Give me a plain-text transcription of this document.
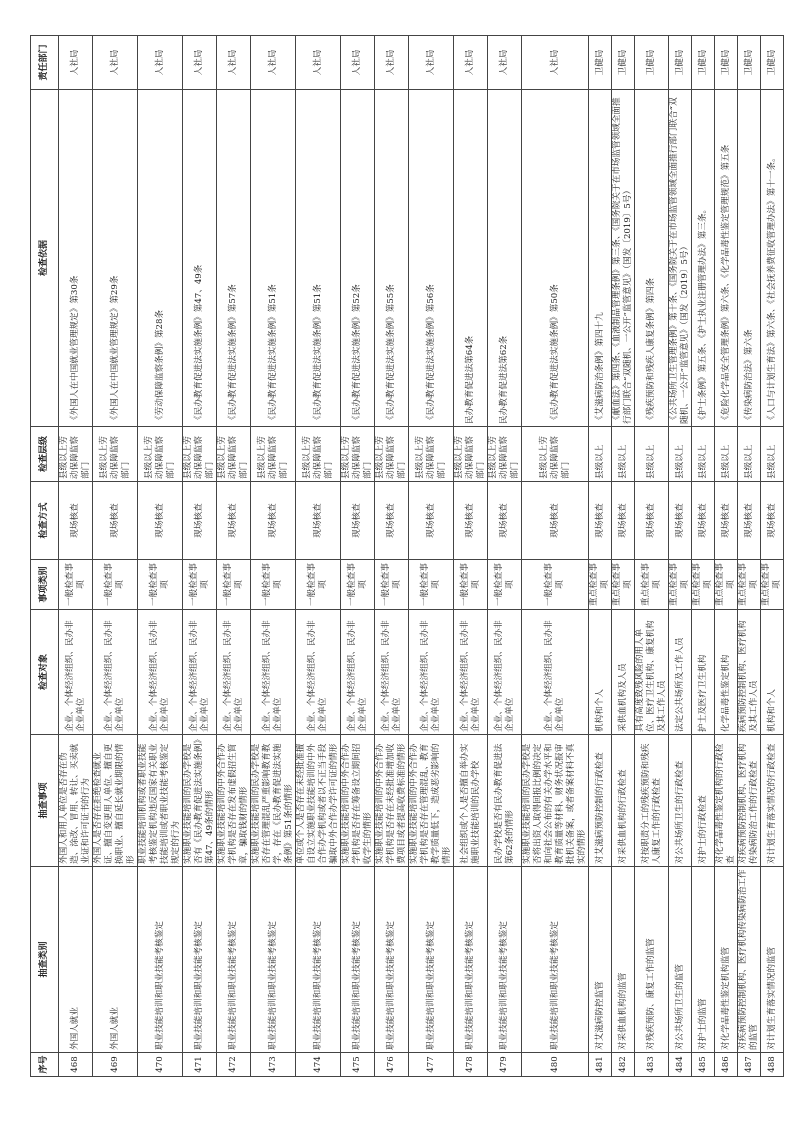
序号	抽查类别	抽查事项	检查对象	事项类别	检查方式	检查层级	检查依据	责任部门
468	外国人就业	外国人和用人单位是否存在伪造、涂改、冒用、转让、买卖就业证和许可证书的行为	企业、个体经济组织、民办非企业单位	一般检查事项	现场核查	县级以上劳动保障监察部门	《外国人在中国就业管理规定》第30条	人社局
469	外国人就业	外国人是否存在拒绝检查就业证、擅自变更用人单位、擅自更换职业、擅自延长就业期限的情形	企业、个体经济组织、民办非企业单位	一般检查事项	现场核查	县级以上劳动保障监察部门	《外国人在中国就业管理规定》第29条	人社局
470	职业技能培训和职业技能考核鉴定	职业技能培训机构或者职业技能考核鉴定机构违反国家有关职业技能培训或者职业技能考核鉴定规定的行为	企业、个体经济组织、民办非企业单位	一般检查事项	现场核查	县级以上劳动保障监察部门	《劳动保障监察条例》第28条	人社局
471	职业技能培训和职业技能考核鉴定	实施职业技能培训的民办学校是否有《民办教育促进法实施条例》第47、49条的情形	企业、个体经济组织、民办非企业单位	一般检查事项	现场核查	县级以上劳动保障监察部门	《民办教育促进法实施条例》第47、49条	人社局
472	职业技能培训和职业技能考核鉴定	实施职业技能培训的中外合作办学机构是否存在发布虚假招生简章，骗取钱财的情形	企业、个体经济组织、民办非企业单位	一般检查事项	现场核查	县级以上劳动保障监察部门	《民办教育促进法实施条例》第57条	人社局
473	职业技能培训和职业技能考核鉴定	实施职业技能培训的民办学校是否存在管理混乱严重影响教育教学，存在《民办教育促进法实施条例》第51条的情形	企业、个体经济组织、民办非企业单位	一般检查事项	现场核查	县级以上劳动保障监察部门	《民办教育促进法实施条例》第51条	人社局
474	职业技能培训和职业技能考核鉴定	单位或个人是否存在未经批准擅自设立实施职业技能培训的中外合作办学机构或者以不正当手段骗取中外合作办学许可证的情形	企业、个体经济组织、民办非企业单位	一般检查事项	现场核查	县级以上劳动保障监察部门	《民办教育促进法实施条例》第51条	人社局
475	职业技能培训和职业技能考核鉴定	实施职业技能培训的中外合作办学机构是否存在筹备设立期间招收学生的情形	企业、个体经济组织、民办非企业单位	一般检查事项	现场核查	县级以上劳动保障监察部门	《民办教育促进法实施条例》第52条	人社局
476	职业技能培训和职业技能考核鉴定	实施职业技能培训的中外合作办学机构是否存在未经批准增加收费项目或者提高收费标准的情形	企业、个体经济组织、民办非企业单位	一般检查事项	现场核查	县级以上劳动保障监察部门	《民办教育促进法实施条例》第55条	人社局
477	职业技能培训和职业技能考核鉴定	实施职业技能培训的中外合作办学机构是否存在管理混乱、教育教学质量低下，造成恶劣影响的情形	企业、个体经济组织、民办非企业单位	一般检查事项	现场核查	县级以上劳动保障监察部门	《民办教育促进法实施条例》第56条	人社局
478	职业技能培训和职业技能考核鉴定	社会组织或个人是否擅自举办实施职业技能培训的民办学校	企业、个体经济组织、民办非企业单位	一般检查事项	现场核查	县级以上劳动保障监察部门	民办教育促进法第64条	人社局
479	职业技能培训和职业技能考核鉴定	民办学校是否有民办教育促进法第62条的情形	企业、个体经济组织、民办非企业单位	一般检查事项	现场核查	县级以上劳动保障监察部门	民办教育促进法第62条	人社局
480	职业技能培训和职业技能考核鉴定	实施职业技能培训的民办学校是否将出资人取得回报比例的决定和向社会公布的有关办学水平和教育质量等材料、财务状况报审批机关备案，或者备案材料不真实的情形	企业、个体经济组织、民办非企业单位	一般检查事项	现场核查	县级以上劳动保障监察部门	《民办教育促进法实施条例》第50条	人社局
481	对艾滋病防控监管	对艾滋病预防控制的行政检查	机构和个人	重点检查事项	现场核查	县级以上	《艾滋病防治条例》第四十九	卫健局
482	对采供血机构的监管	对采供血机构的行政检查	采供血机构及人员	重点检查事项	现场核查	县级以上	《献血法》第四条、《血液制品管理条例》第三条、《国务院关于在市场监管领域全面推行部门联合“双随机、一公开”监管意见》（国发〔2019〕5号）	卫健局
483	对残疾预防、康复工作的监管	对按职责分工的残疾预防和残疾人康复工作的行政检查	具有高度致残风险的用人单位、医疗卫生机构、康复机构及其工作人员	重点检查事项	现场核查	县级以上	《残疾预防和残疾人康复条例》第四条	卫健局
484	对公共场所卫生的监管	对公共场所卫生的行政检查	法定公共场所及工作人员	重点检查事项	现场核查	县级以上	《公共场所卫生管理条例》第十条、《国务院关于在市场监管领域全面推行部门联合“双随机、一公开”监管意见》（国发〔2019〕5号）	卫健局
485	对护士的监管	对护士的行政检查	护士及医疗卫生机构	重点检查事项	现场核查	县级以上	《护士条例》第五条、《护士执业注册管理办法》第三条。	卫健局
486	对化学品毒性鉴定机构监管	对化学品毒性鉴定机构的行政检查	化学品毒性鉴定机构	重点检查事项	现场核查	县级以上	《危险化学品安全管理条例》第六条、《化学品毒性鉴定管理规范》第五条	卫健局
487	对疾病预防控制机构、医疗机构传染病防治工作的监管	对疾病预防控制机构、医疗机构传染病防治工作的行政检查	疾病预防控制机构、医疗机构及其工作人员	重点检查事项	现场核查	县级以上	《传染病防治法》第六条	卫健局
488	对计划生育落实情况的监管	对计划生育落实情况的行政检查	机构和个人	重点检查事项	现场核查	县级以上	《人口与计划生育法》第六条、《社会抚养费征收管理办法》第十一条。	卫健局
